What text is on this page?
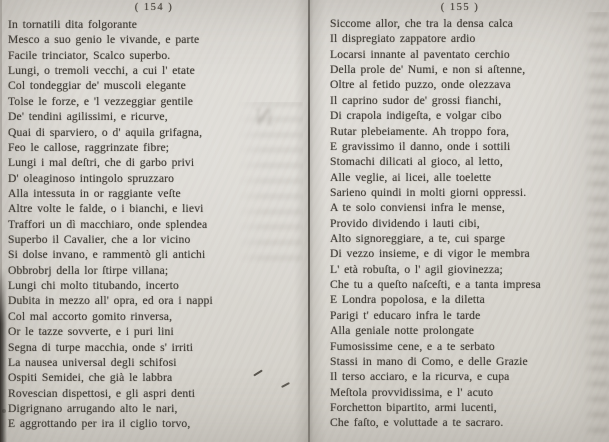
( 154 )
In tornatili dita folgorante
Mesco a suo genio le vivande, e parte
Facile trinciator, Scalco superbo.
Lungi, o tremoli vecchi, a cui l' etate
Col tondeggiar de' muscoli elegante
Tolse le forze, e 'l vezzeggiar gentile
De' tendini agilissimi, e ricurve,
Quai di sparviero, o d' aquila grifagna,
Feo le callose, raggrinzate fibre;
Lungi i mal deſtri, che di garbo privi
D' oleaginoso intingolo spruzzaro
Alla intessuta in or raggiante veſte
Altre volte le falde, o i bianchi, e lievi
Traffori un dì macchiaro, onde splendea
Superbo il Cavalier, che a lor vicino
Si dolse invano, e rammentò gli antichi
Obbrobrj della lor ſtirpe villana;
Lungi chi molto titubando, incerto
Dubita in mezzo all' opra, ed ora i nappi
Col mal accorto gomito rinversa,
Or le tazze sovverte, e i puri lini
Segna di turpe macchia, onde s' irriti
La nausea universal degli schifosi
Ospiti Semidei, che già le labbra
Rovescian dispettosi, e gli aspri denti
Digrignano arrugando alto le nari,
E aggrottando per ira il ciglio torvo,
( 155 )
Siccome allor, che tra la densa calca
Il dispregiato zappatore ardio
Locarsi innante al paventato cerchio
Della prole de' Numi, e non si aſtenne,
Oltre al fetido puzzo, onde olezzava
Il caprino sudor de' grossi fianchi,
Di crapola indigeſta, e volgar cibo
Rutar plebeiamente. Ah troppo fora,
E gravissimo il danno, onde i sottili
Stomachi dilicati al gioco, al letto,
Alle veglie, ai licei, alle toelette
Sarieno quindi in molti giorni oppressi.
A te solo conviensi infra le mense,
Provido dividendo i lauti cibi,
Alto signoreggiare, a te, cui sparge
Di vezzo insieme, e di vigor le membra
L' età robuſta, o l' agil giovinezza;
Che tu a queſto naſceſti, e a tanta impresa
E Londra popolosa, e la diletta
Parigi t' educaro infra le tarde
Alla geniale notte prolongate
Fumosissime cene, e a te serbato
Stassi in mano di Como, e delle Grazie
Il terso acciaro, e la ricurva, e cupa
Meſtola provvidissima, e l' acuto
Forchetton bipartito, armi lucenti,
Che faſto, e voluttade a te sacraro.
N
